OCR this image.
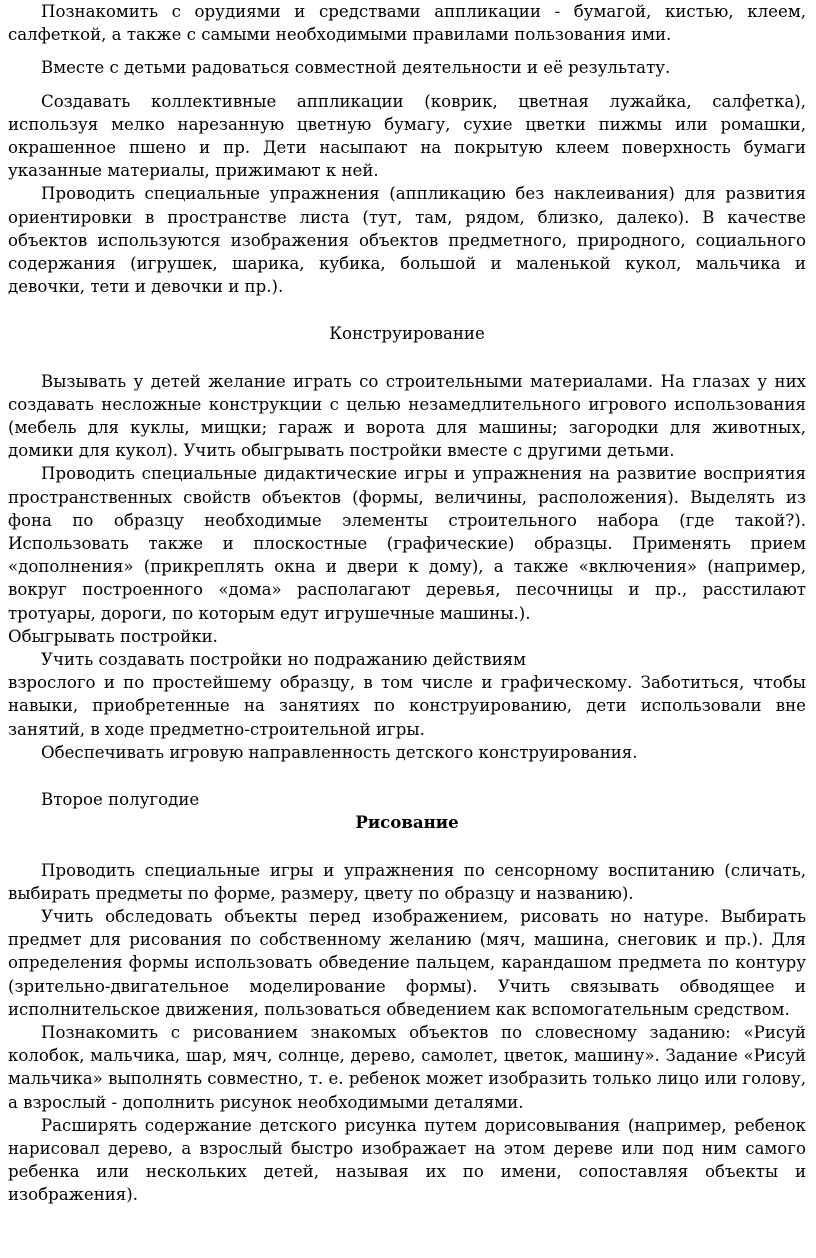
Познакомить с орудиями и средствами аппликации - бумагой, кистью, клеем, салфеткой, а также с самыми необходимыми правилами пользования ими.

Вместе с детьми радоваться совместной деятельности и её результату.

Создавать коллективные аппликации (коврик, цветная лужайка, салфетка), используя мелко нарезанную цветную бумагу, сухие цветки пижмы или ромашки, окрашенное пшено и пр. Дети насыпают на покрытую клеем поверхность бумаги указанные материалы, прижимают к ней.

Проводить специальные упражнения (аппликацию без наклеивания) для развития ориентировки в пространстве листа (тут, там, рядом, близко, далеко). В качестве объектов используются изображения объектов предметного, природного, социального содержания (игрушек, шарика, кубика, большой и маленькой кукол, мальчика и девочки, тети и девочки и пр.).

Конструирование

Вызывать у детей желание играть со строительными материалами. На глазах у них создавать несложные конструкции с целью незамедлительного игрового использования (мебель для куклы, мищки; гараж и ворота для машины; загородки для животных, домики для кукол). Учить обыгрывать постройки вместе с другими детьми.

Проводить специальные дидактические игры и упражнения на развитие восприятия пространственных свойств объектов (формы, величины, расположения). Выделять из фона по образцу необходимые элементы строительного набора (где такой?). Использовать также и плоскостные (графические) образцы. Применять прием «дополнения» (прикреплять окна и двери к дому), а также «включения» (например, вокруг построенного «дома» располагают деревья, песочницы и пр., расстилают тротуары, дороги, по которым едут игрушечные машины.).

Обыгрывать постройки.

Учить создавать постройки но подражанию действиям

взрослого и по простейшему образцу, в том числе и графическому. Заботиться, чтобы навыки, приобретенные на занятиях по конструированию, дети использовали вне занятий, в ходе предметно-строительной игры.

Обеспечивать игровую направленность детского конструирования.

Второе полугодие

Рисование

Проводить специальные игры и упражнения по сенсорному воспитанию (сличать, выбирать предметы по форме, размеру, цвету по образцу и названию).

Учить обследовать объекты перед изображением, рисовать но натуре. Выбирать предмет для рисования по собственному желанию (мяч, машина, снеговик и пр.). Для определения формы использовать обведение пальцем, карандашом предмета по контуру (зрительно-двигательное моделирование формы). Учить связывать обводящее и исполнительское движения, пользоваться обведением как вспомогательным средством.

Познакомить с рисованием знакомых объектов по словесному заданию: «Рисуй колобок, мальчика, шар, мяч, солнце, дерево, самолет, цветок, машину». Задание «Рисуй мальчика» выполнять совместно, т. е. ребенок может изобразить только лицо или голову, а взрослый - дополнить рисунок необходимыми деталями.

Расширять содержание детского рисунка путем дорисовывания (например, ребенок нарисовал дерево, а взрослый быстро изображает на этом дереве или под ним самого ребенка или нескольких детей, называя их по имени, сопоставляя объекты и изображения).
